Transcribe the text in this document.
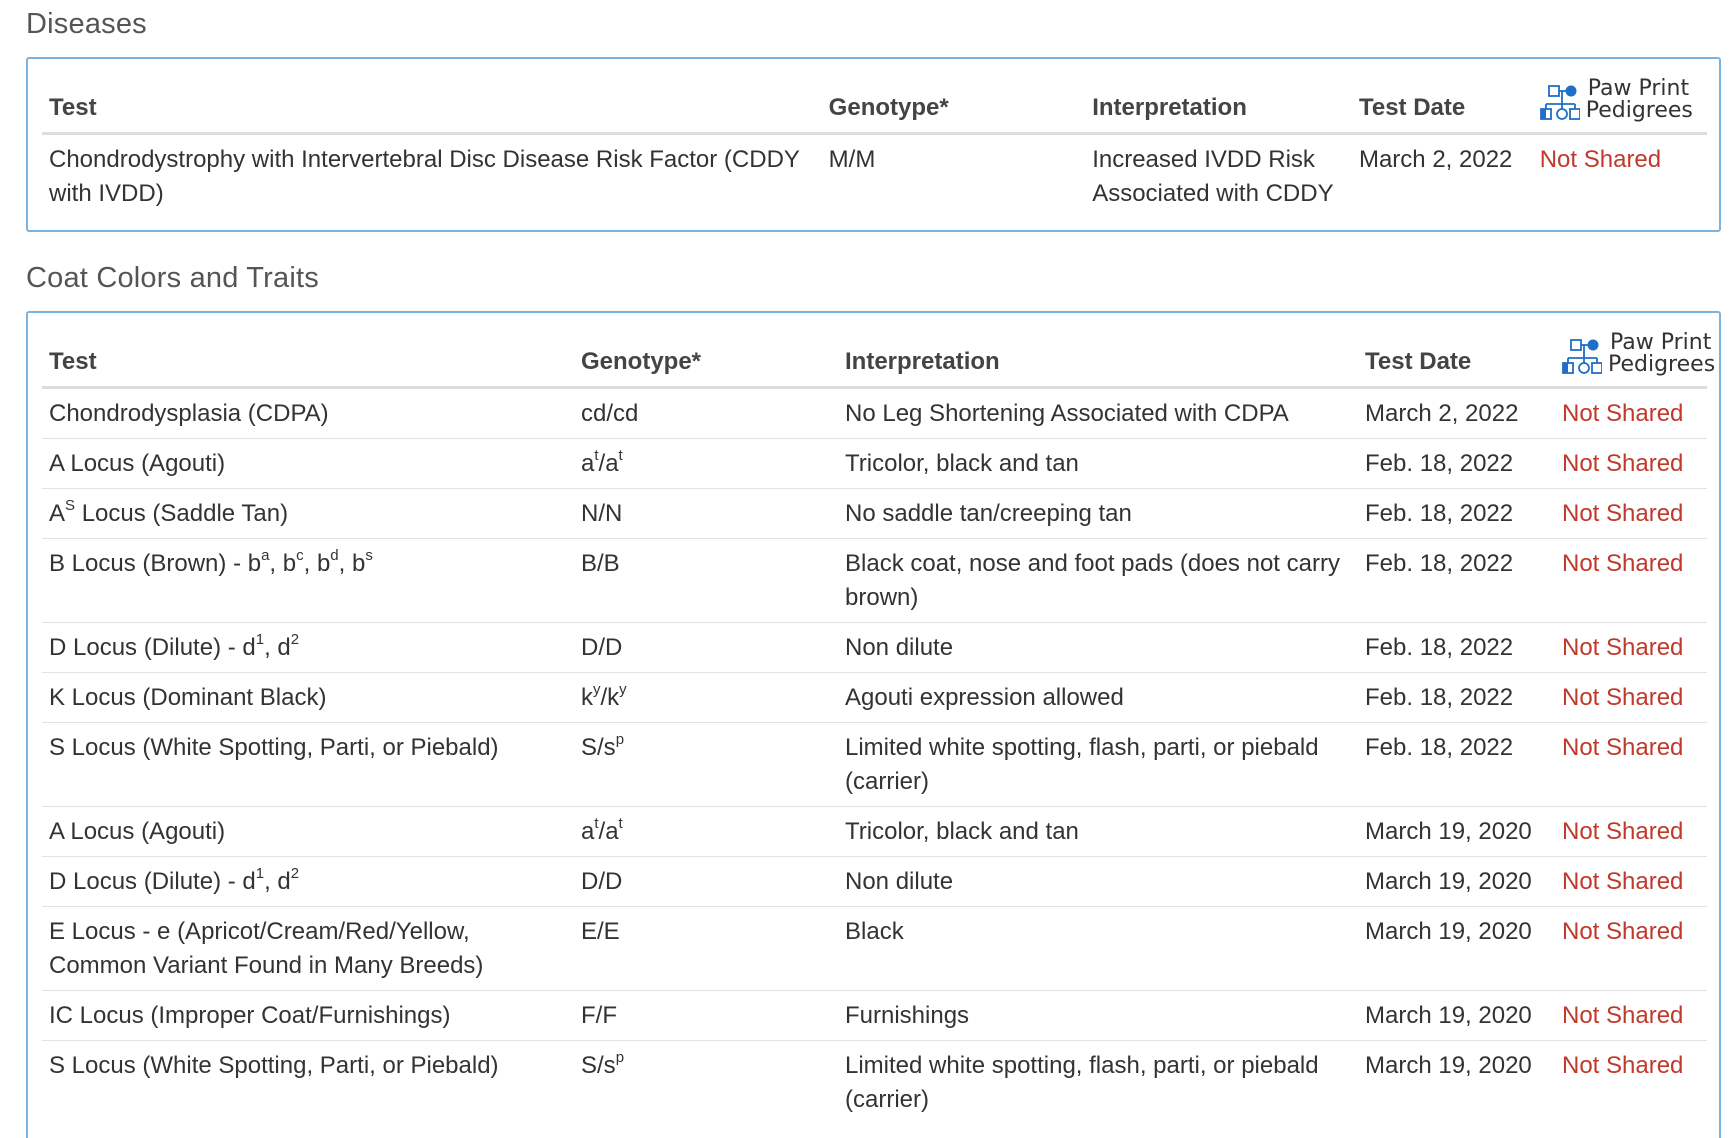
Diseases
Test	Genotype*	Interpretation	Test Date	Paw Print
Pedigrees

Chondrodystrophy with Intervertebral Disc Disease Risk Factor (CDDY with IVDD)	M/M	Increased IVDD Risk Associated with CDDY	March 2, 2022	Not Shared
Coat Colors and Traits
Test	Genotype*	Interpretation	Test Date	Paw Print
Pedigrees

Chondrodysplasia (CDPA)	cd/cd	No Leg Shortening Associated with CDPA	March 2, 2022	Not Shared
A Locus (Agouti)	$a^t/a^t$	Tricolor, black and tan	Feb. 18, 2022	Not Shared
$A^S$ Locus (Saddle Tan)	N/N	No saddle tan/creeping tan	Feb. 18, 2022	Not Shared
B Locus (Brown) - $b^a$, $b^c$, $b^d$, $b^s$	B/B	Black coat, nose and foot pads (does not carry brown)	Feb. 18, 2022	Not Shared
D Locus (Dilute) - $d^1$, $d^2$	D/D	Non dilute	Feb. 18, 2022	Not Shared
K Locus (Dominant Black)	$k^y/k^y$	Agouti expression allowed	Feb. 18, 2022	Not Shared
S Locus (White Spotting, Parti, or Piebald)	$S/s^p$	Limited white spotting, flash, parti, or piebald (carrier)	Feb. 18, 2022	Not Shared
A Locus (Agouti)	$a^t/a^t$	Tricolor, black and tan	March 19, 2020	Not Shared
D Locus (Dilute) - $d^1$, $d^2$	D/D	Non dilute	March 19, 2020	Not Shared
E Locus - e (Apricot/Cream/Red/Yellow, Common Variant Found in Many Breeds)	E/E	Black	March 19, 2020	Not Shared
IC Locus (Improper Coat/Furnishings)	F/F	Furnishings	March 19, 2020	Not Shared
S Locus (White Spotting, Parti, or Piebald)	$S/s^p$	Limited white spotting, flash, parti, or piebald (carrier)	March 19, 2020	Not Shared
